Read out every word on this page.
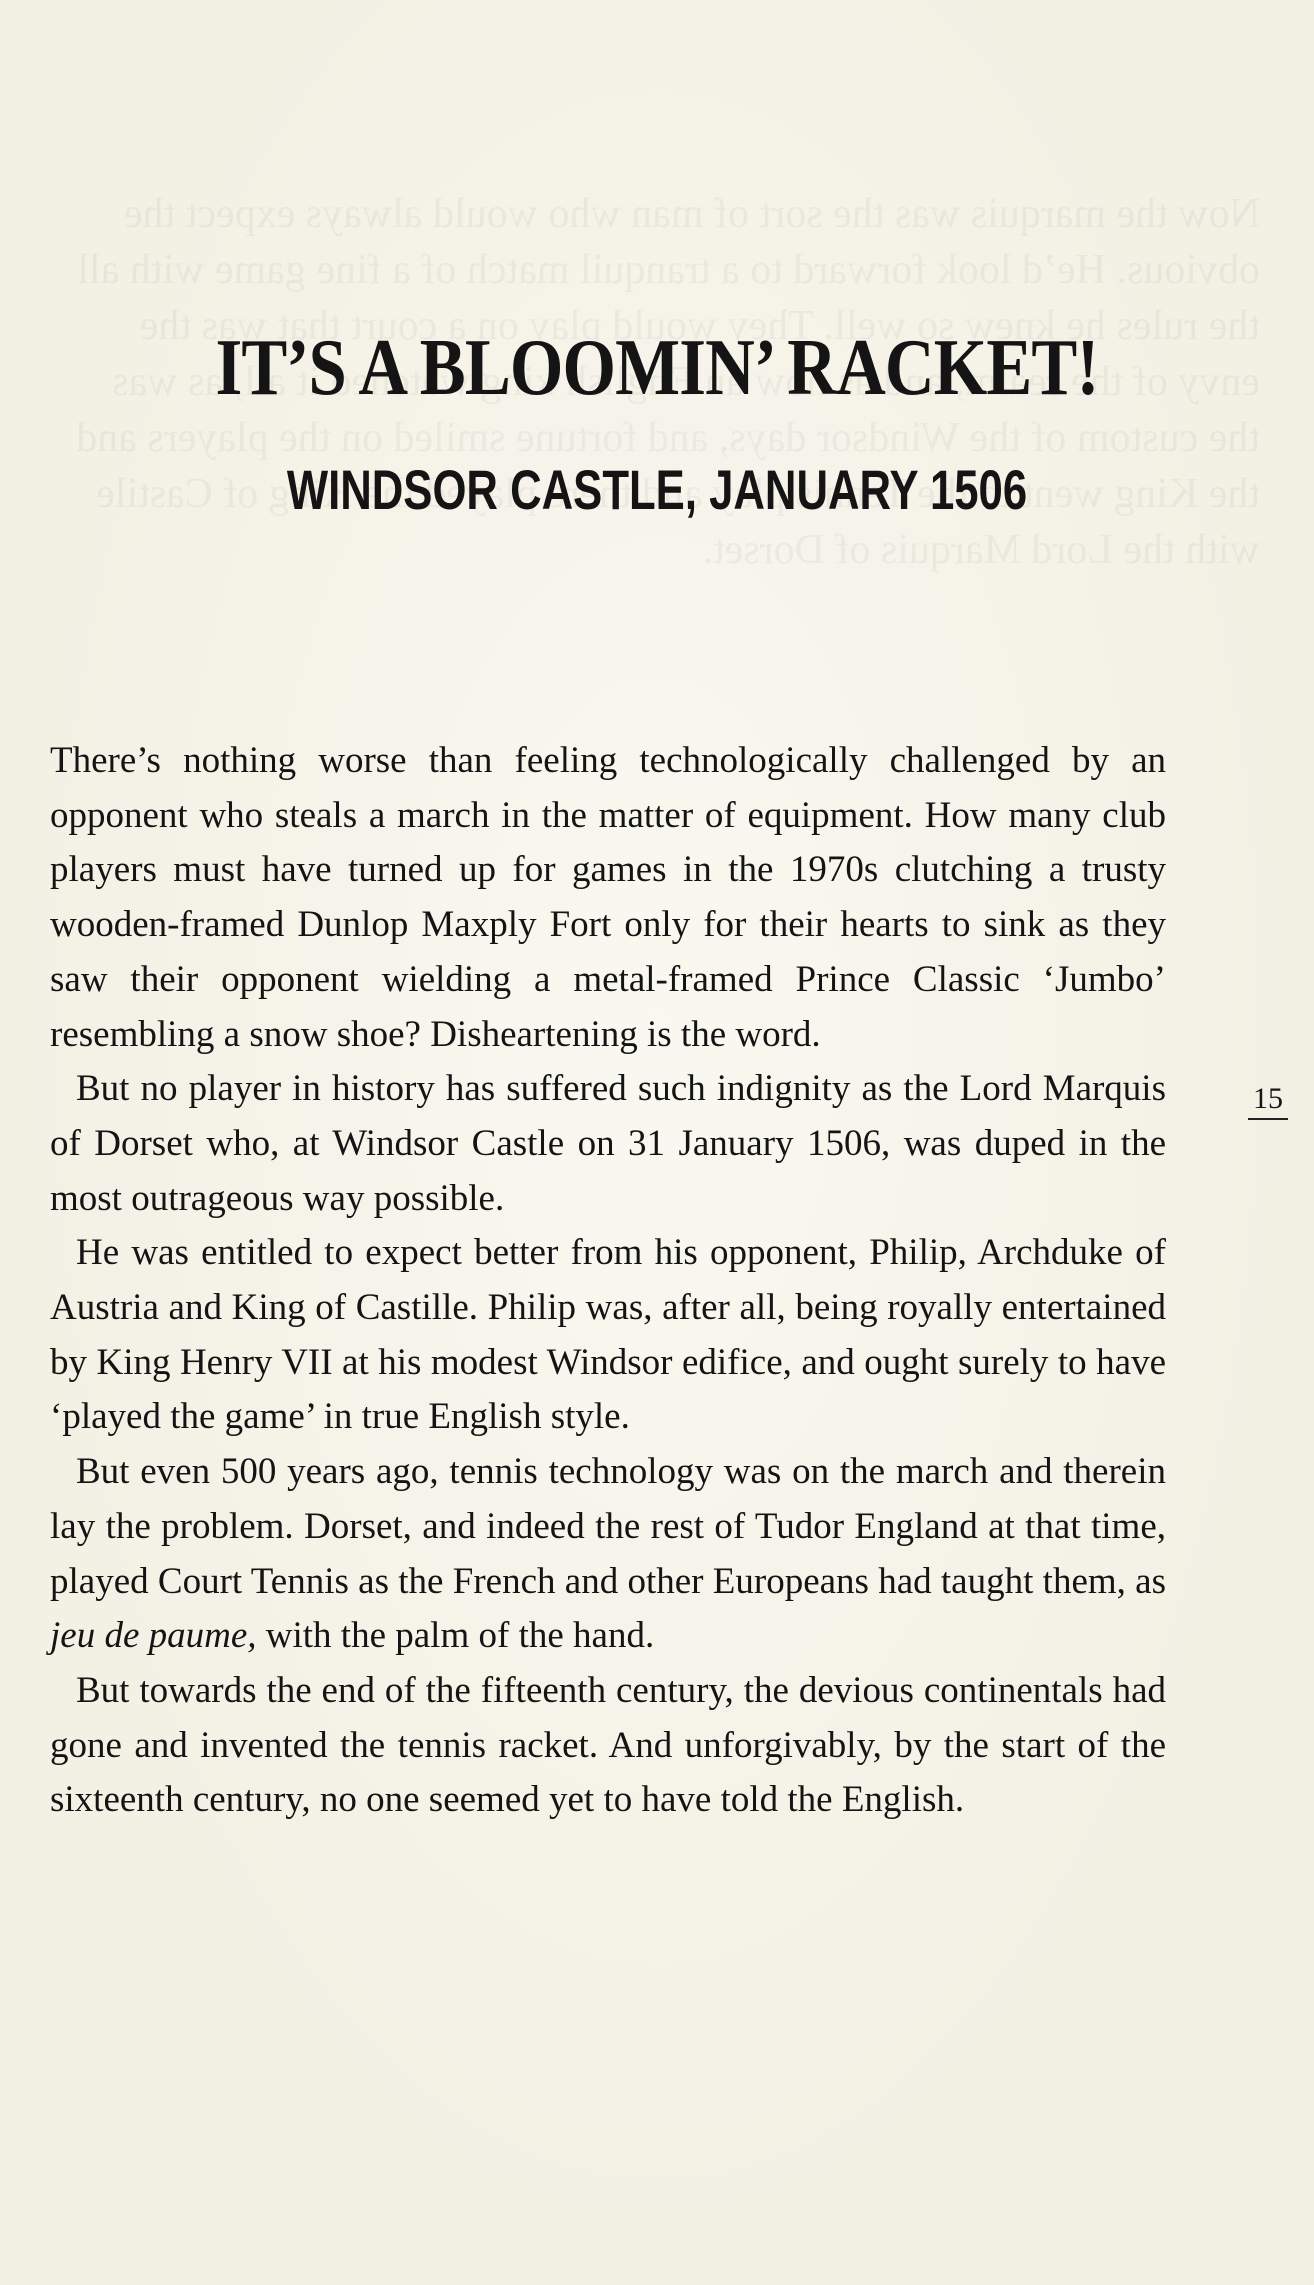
IT’S A BLOOMIN’ RACKET!
WINDSOR CASTLE, JANUARY 1506

There’s nothing worse than feeling technologically challenged by an opponent who steals a march in the matter of equipment. How many club players must have turned up for games in the 1970s clutching a trusty wooden-framed Dunlop Maxply Fort only for their hearts to sink as they saw their opponent wielding a metal-framed Prince Classic ‘Jumbo’ resembling a snow shoe? Disheartening is the word.

But no player in history has suffered such indignity as the Lord Marquis of Dorset who, at Windsor Castle on 31 January 1506, was duped in the most outrageous way possible.

He was entitled to expect better from his opponent, Philip, Archduke of Austria and King of Castille. Philip was, after all, being royally entertained by King Henry VII at his modest Windsor edifice, and ought surely to have ‘played the game’ in true English style.

But even 500 years ago, tennis technology was on the march and therein lay the problem. Dorset, and indeed the rest of Tudor England at that time, played Court Tennis as the French and other Europeans had taught them, as jeu de paume, with the palm of the hand.

But towards the end of the fifteenth century, the devious continentals had gone and invented the tennis racket. And unforgivably, by the start of the sixteenth century, no one seemed yet to have told the English.

15
